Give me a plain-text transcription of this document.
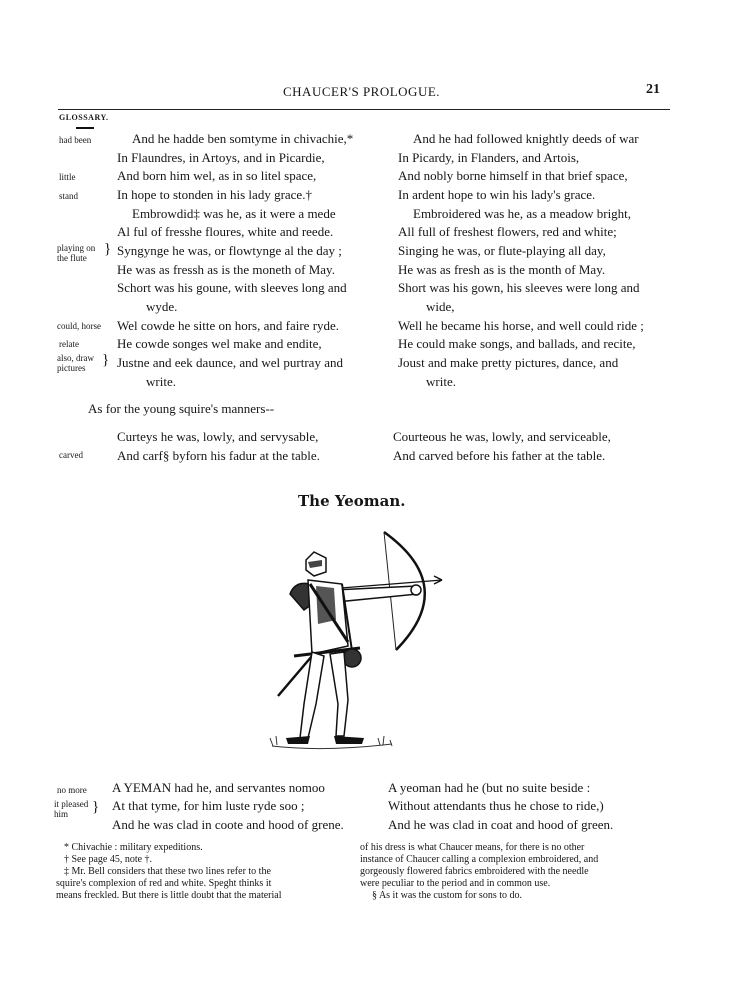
CHAUCER'S PROLOGUE.	21
GLOSSARY.
had been
little
stand
playing on
the flute
}
could, horse
relate
also, draw
pictures }
carved
And he hadde ben somtyme in chivachie,*
In Flaundres, in Artoys, and in Picardie,
And born him wel, as in so litel space,
In hope to stonden in his lady grace.†
Embrowdid‡ was he, as it were a mede
Al ful of fresshe floures, white and reede.
Syngynge he was, or flowtynge al the day ;
He was as fressh as is the moneth of May.
Schort was his goune, with sleeves long and
wyde.
Wel cowde he sitte on hors, and faire ryde.
He cowde songes wel make and endite,
Justne and eek daunce, and wel purtray and
write.
And he had followed knightly deeds of war
In Picardy, in Flanders, and Artois,
And nobly borne himself in that brief space,
In ardent hope to win his lady's grace.
Embroidered was he, as a meadow bright,
All full of freshest flowers, red and white;
Singing he was, or flute-playing all day,
He was as fresh as is the month of May.
Short was his gown, his sleeves were long and
wide,
Well he became his horse, and well could ride ;
He could make songs, and ballads, and recite,
Joust and make pretty pictures, dance, and
write.
As for the young squire's manners--
Curteys he was, lowly, and servysable,
And carf§ byforn his fadur at the table.
Courteous he was, lowly, and serviceable,
And carved before his father at the table.
The Yeoman.
no more
it pleased
him }
A YEMAN had he, and servantes nomoo
At that tyme, for him luste ryde soo ;
And he was clad in coote and hood of grene.
A yeoman had he (but no suite beside :
Without attendants thus he chose to ride,)
And he was clad in coat and hood of green.
* Chivachie : military expeditions.
† See page 45, note †.
‡ Mr. Bell considers that these two lines refer to the
squire's complexion of red and white. Speght thinks it
means freckled. But there is little doubt that the material
of his dress is what Chaucer means, for there is no other
instance of Chaucer calling a complexion embroidered, and
gorgeously flowered fabrics embroidered with the needle
were peculiar to the period and in common use.
§ As it was the custom for sons to do.
